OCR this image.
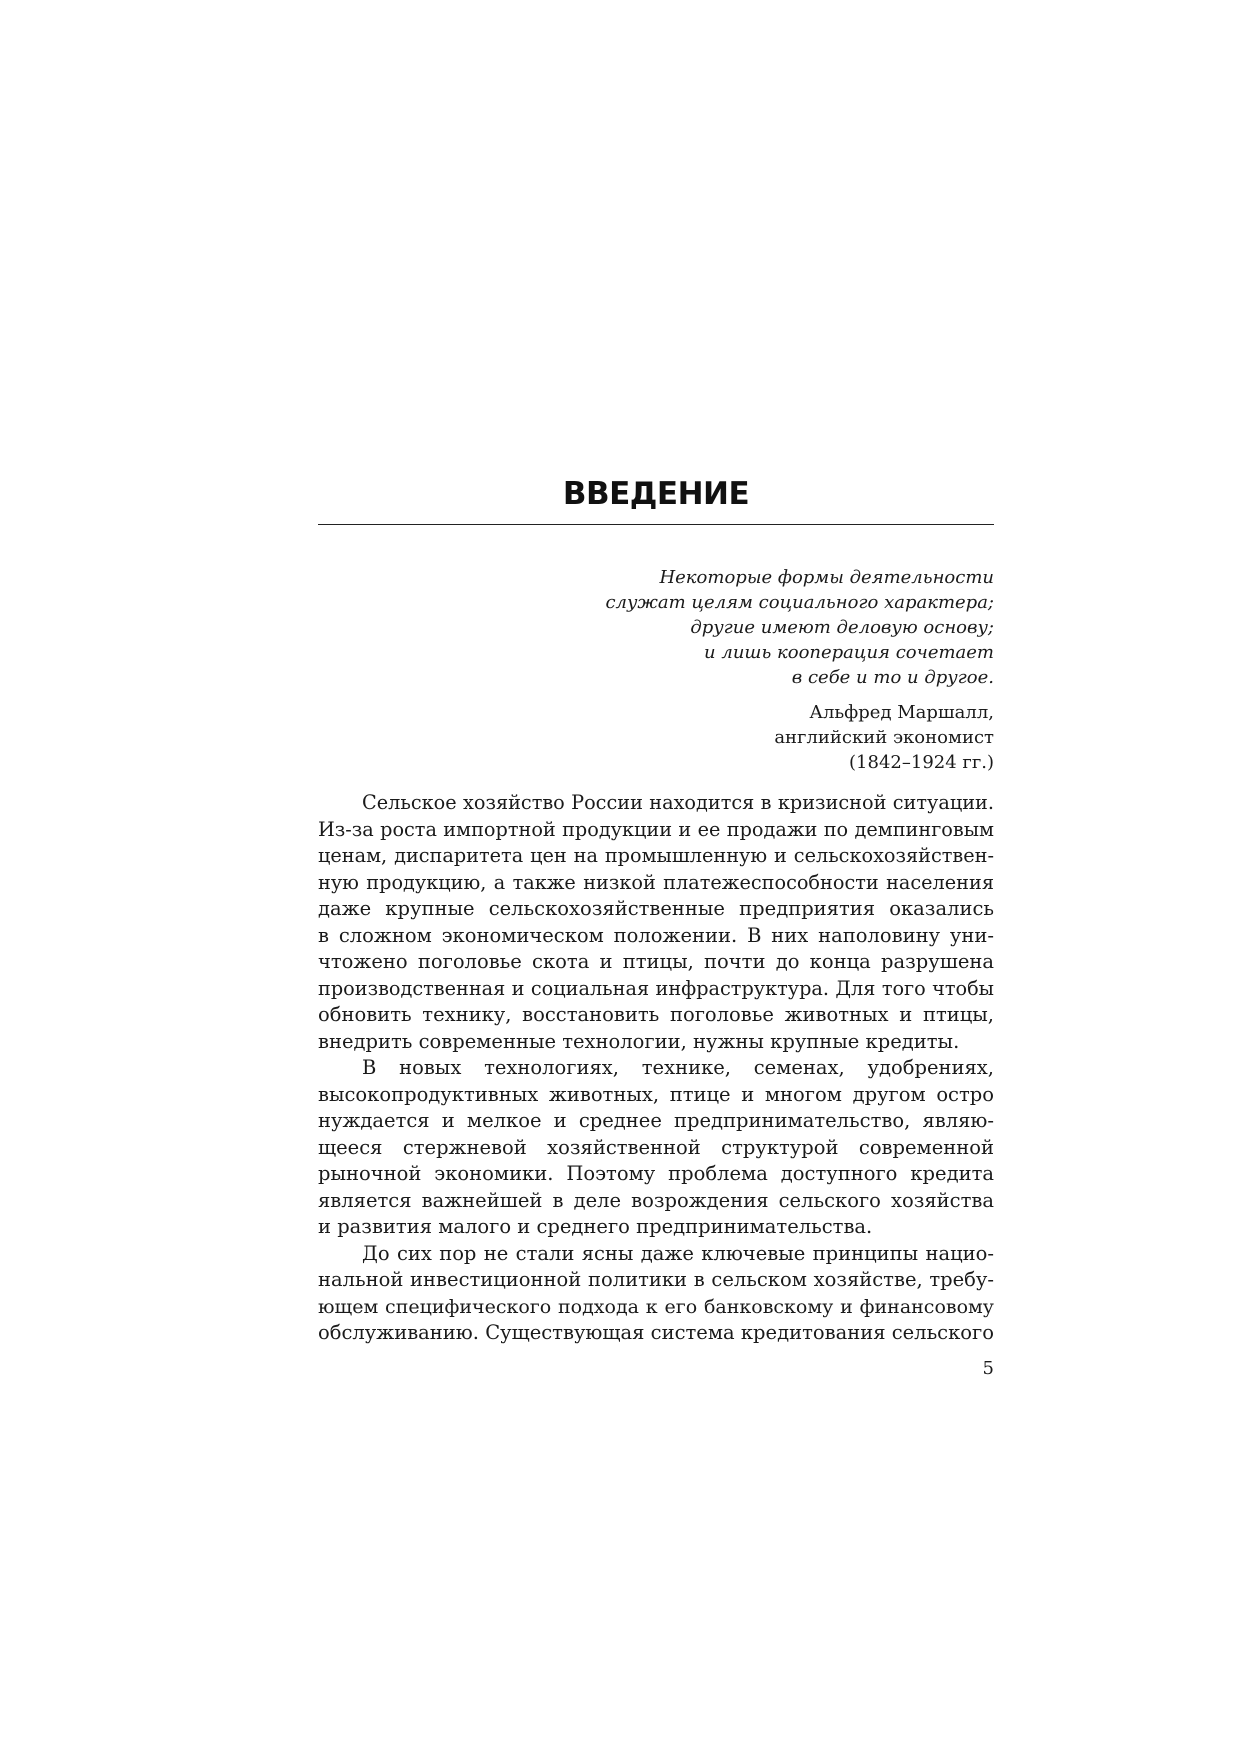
ВВЕДЕНИЕ
Некоторые формы деятельности
служат целям социального характера;
другие имеют деловую основу;
и лишь кооперация сочетает
в себе и то и другое.
Альфред Маршалл,
английский экономист
(1842–1924 гг.)
Сельское хозяйство России находится в кризисной ситуации.
Из-за роста импортной продукции и ее продажи по демпинговым
ценам, диспаритета цен на промышленную и сельскохозяйствен-
ную продукцию, а также низкой платежеспособности населения
даже крупные сельскохозяйственные предприятия оказались
в сложном экономическом положении. В них наполовину уни-
чтожено поголовье скота и птицы, почти до конца разрушена
производственная и социальная инфраструктура. Для того чтобы
обновить технику, восстановить поголовье животных и птицы,
внедрить современные технологии, нужны крупные кредиты.
В новых технологиях, технике, семенах, удобрениях,
высокопродуктивных животных, птице и многом другом остро
нуждается и мелкое и среднее предпринимательство, являю-
щееся стержневой хозяйственной структурой современной
рыночной экономики. Поэтому проблема доступного кредита
является важнейшей в деле возрождения сельского хозяйства
и развития малого и среднего предпринимательства.
До сих пор не стали ясны даже ключевые принципы нацио-
нальной инвестиционной политики в сельском хозяйстве, требу-
ющем специфического подхода к его банковскому и финансовому
обслуживанию. Существующая система кредитования сельского
5
